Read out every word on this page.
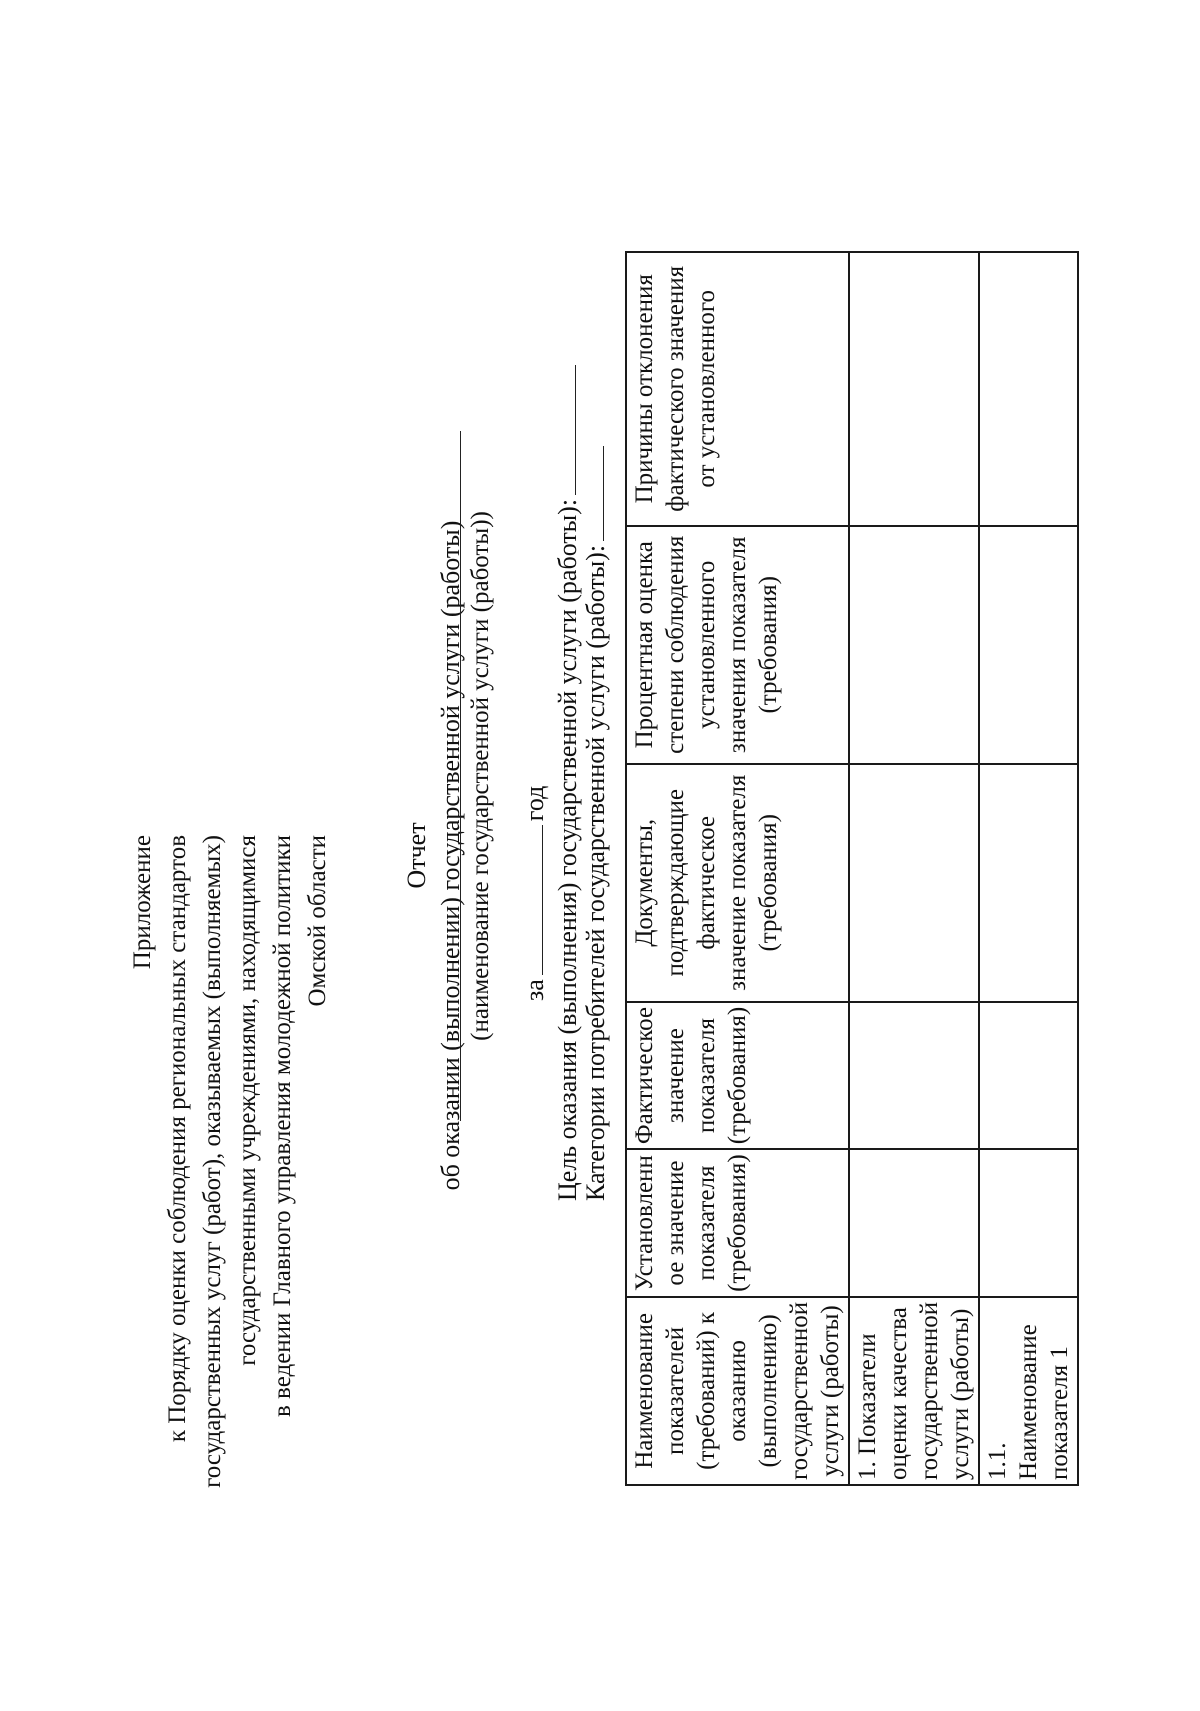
Приложение к Порядку оценки соблюдения региональных стандартов государственных услуг (работ), оказываемых (выполняемых) государственными учреждениями, находящимися в ведении Главного управления молодежной политики Омской области	Отчет об оказании (выполнении) государственной услуги (работы) (наименование государственной услуги (работы)) загод Цель оказания (выполнения) государственной услуги (работы): Категории потребителей государственной услуги (работы):
Наименование показателей (требований) к оказанию (выполнению) государственной услуги (работы)	Установленн ое значение показателя (требования)	Фактическое значение показателя (требования)	Документы, подтверждающие фактическое значение показателя (требования)	Процентная оценка степени соблюдения установленного значения показателя (требования)	Причины отклонения фактического значения от установленного
1. Показатели оценки качества государственной услуги (работы)					
1.1. Наименование показателя 1					
